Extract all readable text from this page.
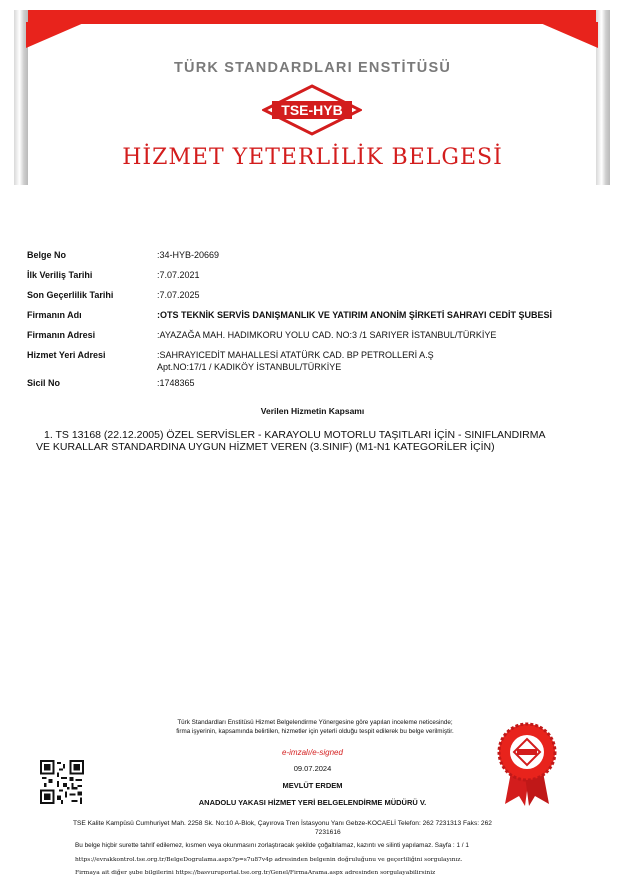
TÜRK STANDARDLARI ENSTİTÜSÜ
TSE-HYB
HİZMET YETERLİLİK BELGESİ
Belge No	:34-HYB-20669
İlk Veriliş Tarihi	:7.07.2021
Son Geçerlilik Tarihi	:7.07.2025
Firmanın Adı	:OTS TEKNİK SERVİS DANIŞMANLIK VE YATIRIM ANONİM ŞİRKETİ SAHRAYI CEDİT ŞUBESİ
Firmanın Adresi	:AYAZAĞA MAH. HADIMKORU YOLU CAD. NO:3 /1 SARIYER İSTANBUL/TÜRKİYE
Hizmet Yeri Adresi	:SAHRAYICEDİT MAHALLESİ ATATÜRK CAD. BP PETROLLERİ A.Ş
Apt.NO:17/1 / KADIKÖY İSTANBUL/TÜRKİYE
Sicil No	:1748365
Verilen Hizmetin Kapsamı
1. TS 13168 (22.12.2005) ÖZEL SERVİSLER - KARAYOLU MOTORLU TAŞITLARI İÇİN - SINIFLANDIRMA
VE KURALLAR STANDARDINA UYGUN HİZMET VEREN (3.SINIF) (M1-N1 KATEGORİLER İÇİN)
Türk Standardları Enstitüsü Hizmet Belgelendirme Yönergesine göre yapılan inceleme neticesinde;
firma işyerinin, kapsamında belirtilen, hizmetler için yeterli olduğu tespit edilerek bu belge verilmiştir.
e-imzalı/e-signed
09.07.2024
MEVLÜT ERDEM
ANADOLU YAKASI HİZMET YERİ BELGELENDİRME MÜDÜRÜ V.
TSE Kalite Kampüsü Cumhuriyet Mah. 2258 Sk. No:10 A-Blok, Çayırova Tren İstasyonu Yanı Gebze-KOCAELİ Telefon: 262 7231313 Faks: 262
7231616
Bu belge hiçbir surette tahrif edilemez, kısmen veya okunmasını zorlaştıracak şekilde çoğaltılamaz, kazıntı ve silinti yapılamaz. Sayfa : 1 / 1
https://evrakkontrol.tse.org.tr/BelgeDogrulama.aspx?p=s7u87v4p adresinden belgenin doğruluğunu ve geçerliliğini sorgulayınız.
Firmaya ait diğer şube bilgilerini https://basvuruportal.tse.org.tr/Genel/FirmaArama.aspx adresinden sorgulayabilirsiniz
